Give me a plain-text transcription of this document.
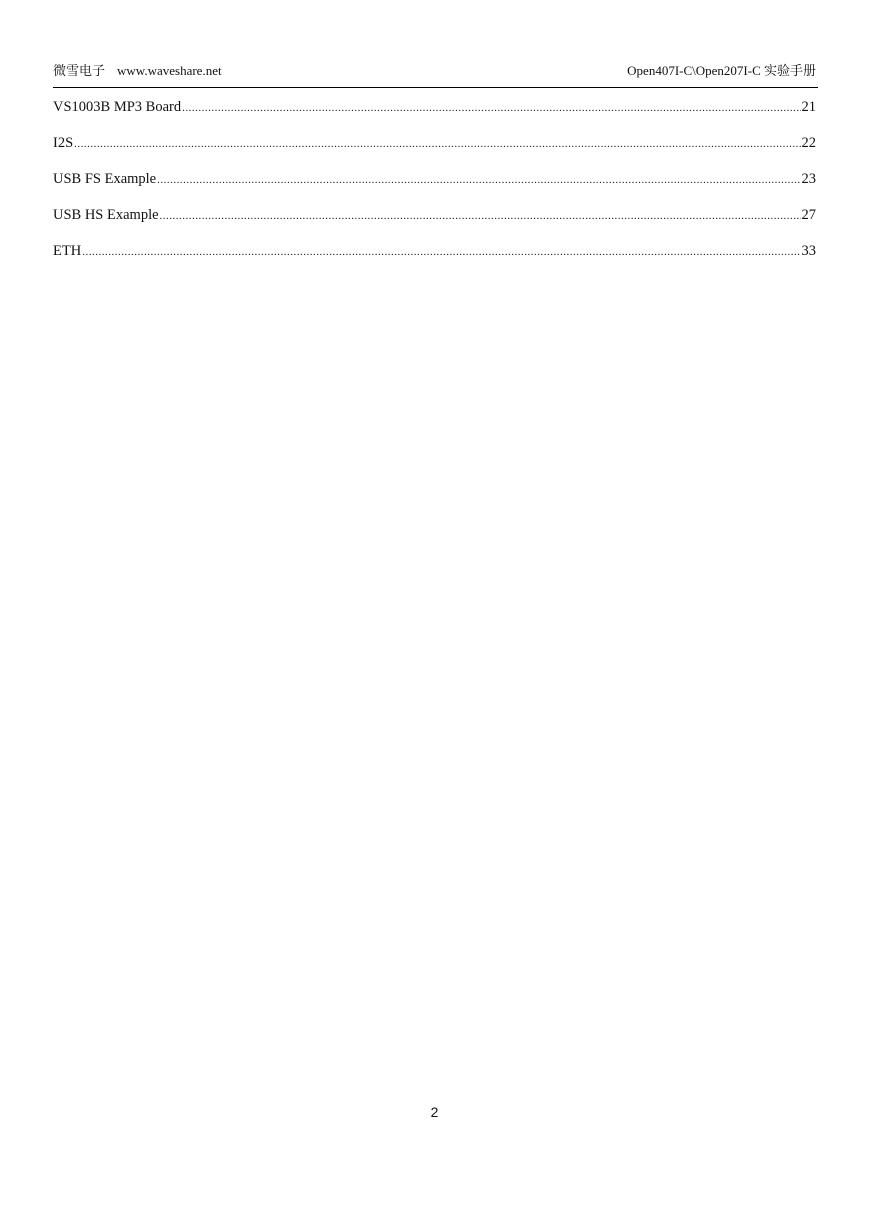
微雪电子 www.waveshare.net	Open407I-C\Open207I-C 实验手册
VS1003B MP3 Board .....	21
I2S .....	22
USB FS Example .....	23
USB HS Example .....	27
ETH .....	33
2
